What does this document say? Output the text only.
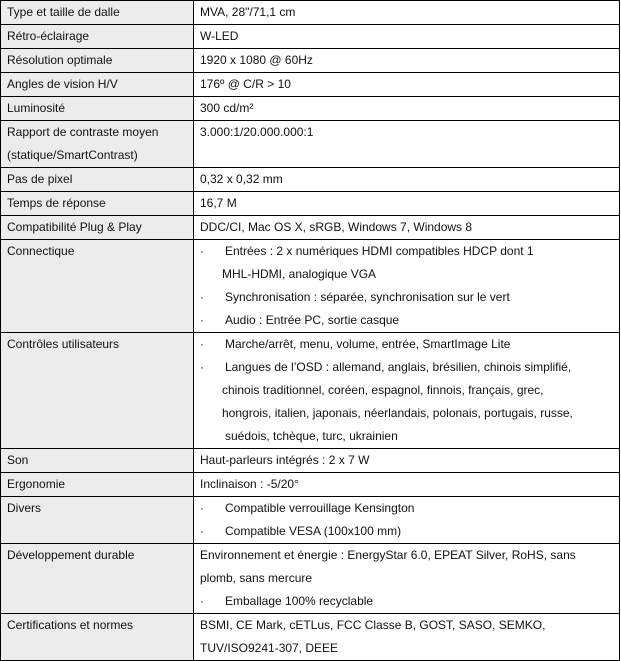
Type et taille de dalle	MVA, 28"/71,1 cm

Rétro-éclairage	W-LED

Résolution optimale	1920 x 1080 @ 60Hz

Angles de vision H/V	176º @ C/R > 10

Luminosité	300 cd/m²

Rapport de contraste moyen
(statique/SmartContrast)	3.000:1/20.000.000:1

Pas de pixel	0,32 x 0,32 mm

Temps de réponse	16,7 M

Compatibilité Plug & Play	DDC/CI, Mac OS X, sRGB, Windows 7, Windows 8

Connectique	· Entrées : 2 x numériques HDMI compatibles HDCP dont 1
MHL-HDMI, analogique VGA
· Synchronisation : séparée, synchronisation sur le vert
· Audio : Entrée PC, sortie casque

Contrôles utilisateurs	· Marche/arrêt, menu, volume, entrée, SmartImage Lite
· Langues de l’OSD : allemand, anglais, brésilien, chinois simplifié,
chinois traditionnel, coréen, espagnol, finnois, français, grec,
hongrois, italien, japonais, néerlandais, polonais, portugais, russe,
suédois, tchèque, turc, ukrainien

Son	Haut-parleurs intégrés : 2 x 7 W

Ergonomie	Inclinaison : -5/20°

Divers	· Compatible verrouillage Kensington
· Compatible VESA (100x100 mm)

Développement durable	Environnement et énergie : EnergyStar 6.0, EPEAT Silver, RoHS, sans
plomb, sans mercure
· Emballage 100% recyclable

Certifications et normes	BSMI, CE Mark, cETLus, FCC Classe B, GOST, SASO, SEMKO,
TUV/ISO9241-307, DEEE
